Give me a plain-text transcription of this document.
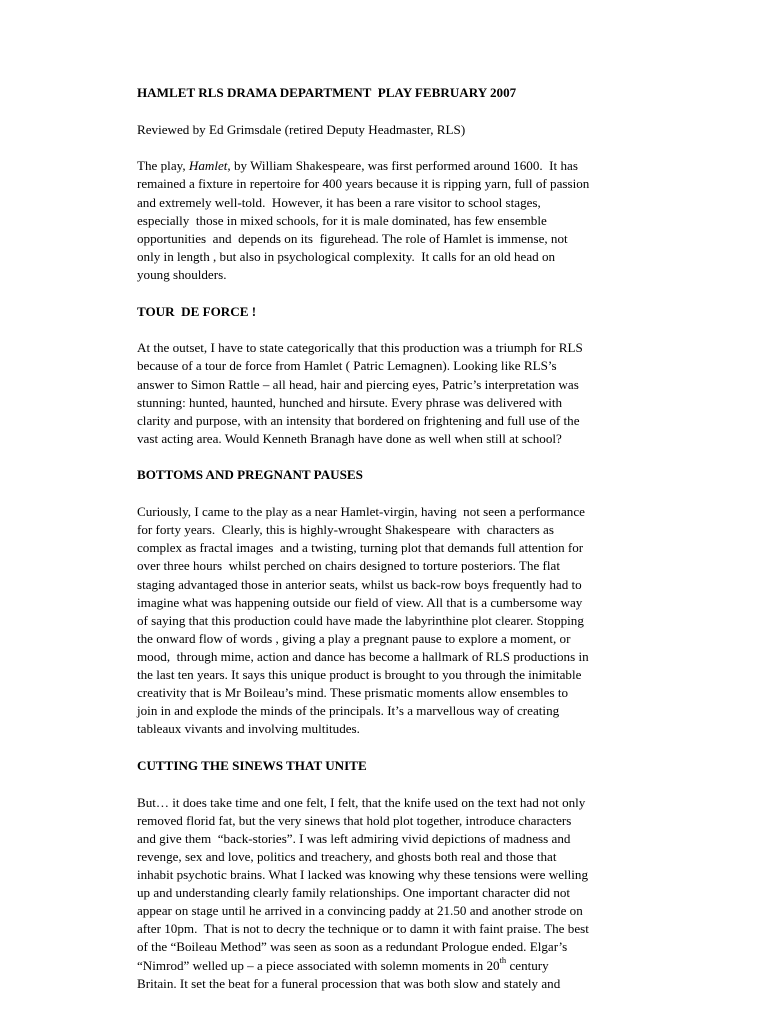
HAMLET RLS DRAMA DEPARTMENT  PLAY FEBRUARY 2007
Reviewed by Ed Grimsdale (retired Deputy Headmaster, RLS)
The play, Hamlet, by William Shakespeare, was first performed around 1600.  It has
remained a fixture in repertoire for 400 years because it is ripping yarn, full of passion
and extremely well-told.  However, it has been a rare visitor to school stages,
especially  those in mixed schools, for it is male dominated, has few ensemble
opportunities  and  depends on its  figurehead. The role of Hamlet is immense, not
only in length , but also in psychological complexity.  It calls for an old head on
young shoulders.
TOUR  DE FORCE !
At the outset, I have to state categorically that this production was a triumph for RLS
because of a tour de force from Hamlet ( Patric Lemagnen). Looking like RLS’s
answer to Simon Rattle – all head, hair and piercing eyes, Patric’s interpretation was
stunning: hunted, haunted, hunched and hirsute. Every phrase was delivered with
clarity and purpose, with an intensity that bordered on frightening and full use of the
vast acting area. Would Kenneth Branagh have done as well when still at school?
BOTTOMS AND PREGNANT PAUSES
Curiously, I came to the play as a near Hamlet-virgin, having  not seen a performance
for forty years.  Clearly, this is highly-wrought Shakespeare  with  characters as
complex as fractal images  and a twisting, turning plot that demands full attention for
over three hours  whilst perched on chairs designed to torture posteriors. The flat
staging advantaged those in anterior seats, whilst us back-row boys frequently had to
imagine what was happening outside our field of view. All that is a cumbersome way
of saying that this production could have made the labyrinthine plot clearer. Stopping
the onward flow of words , giving a play a pregnant pause to explore a moment, or
mood,  through mime, action and dance has become a hallmark of RLS productions in
the last ten years. It says this unique product is brought to you through the inimitable
creativity that is Mr Boileau’s mind. These prismatic moments allow ensembles to
join in and explode the minds of the principals. It’s a marvellous way of creating
tableaux vivants and involving multitudes.
CUTTING THE SINEWS THAT UNITE
But… it does take time and one felt, I felt, that the knife used on the text had not only
removed florid fat, but the very sinews that hold plot together, introduce characters
and give them  “back-stories”. I was left admiring vivid depictions of madness and
revenge, sex and love, politics and treachery, and ghosts both real and those that
inhabit psychotic brains. What I lacked was knowing why these tensions were welling
up and understanding clearly family relationships. One important character did not
appear on stage until he arrived in a convincing paddy at 21.50 and another strode on
after 10pm.  That is not to decry the technique or to damn it with faint praise. The best
of the “Boileau Method” was seen as soon as a redundant Prologue ended. Elgar’s
“Nimrod” welled up – a piece associated with solemn moments in 20th century
Britain. It set the beat for a funeral procession that was both slow and stately and
